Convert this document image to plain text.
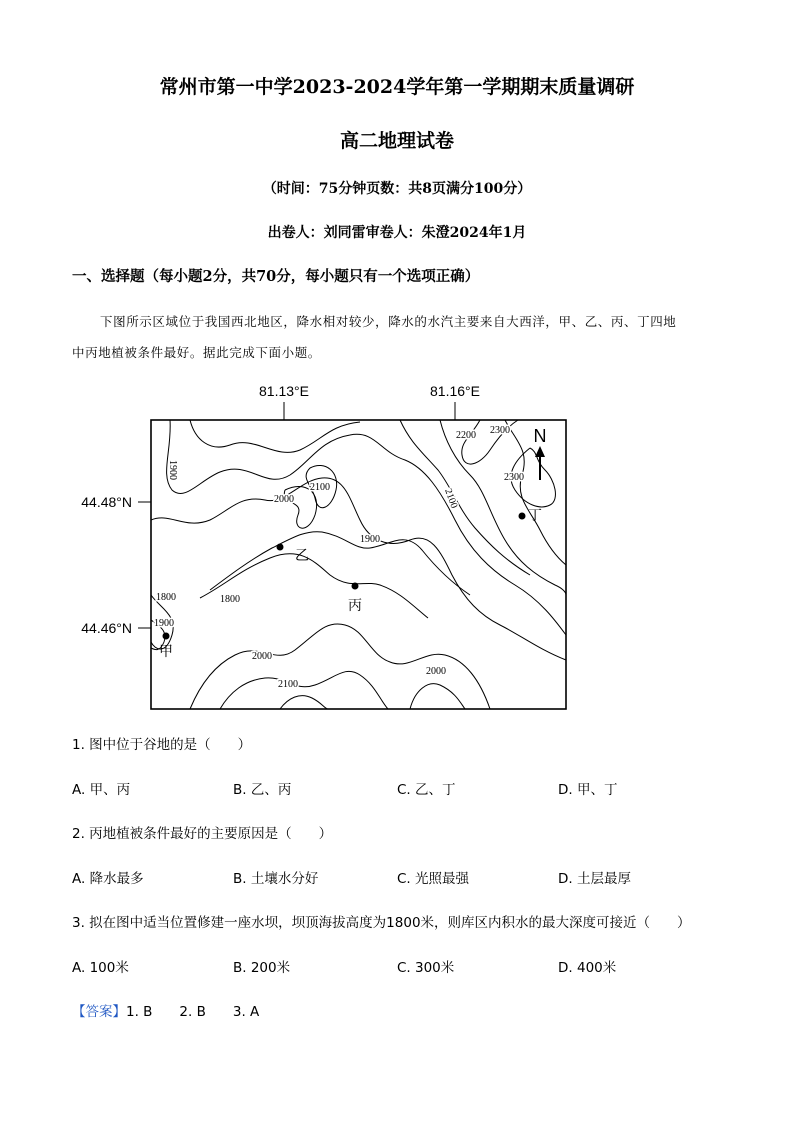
常州市第一中学2023-2024学年第一学期期末质量调研
高二地理试卷
（时间：75分钟页数：共8页满分100分）
出卷人：刘同雷审卷人：朱澄2024年1月
一、选择题（每小题2分，共70分，每小题只有一个选项正确）
下图所示区域位于我国西北地区，降水相对较少，降水的水汽主要来自大西洋，甲、乙、丙、丁四地
中丙地植被条件最好。据此完成下面小题。
81.13°E	81.16°E
44.48°N
44.46°N
N
2200 2300
2300
1900
2100
2000	2100
1900
1800	1800
1900
2000
2100
2000
甲
乙
丙
丁
1. 图中位于谷地的是（　　）
A. 甲、丙	B. 乙、丙	C. 乙、丁	D. 甲、丁
2. 丙地植被条件最好的主要原因是（　　）
A. 降水最多	B. 土壤水分好	C. 光照最强	D. 土层最厚
3. 拟在图中适当位置修建一座水坝，坝顶海拔高度为1800米，则库区内积水的最大深度可接近（　　）
A. 100米	B. 200米	C. 300米	D. 400米
【答案】1. B　　2. B　　3. A
